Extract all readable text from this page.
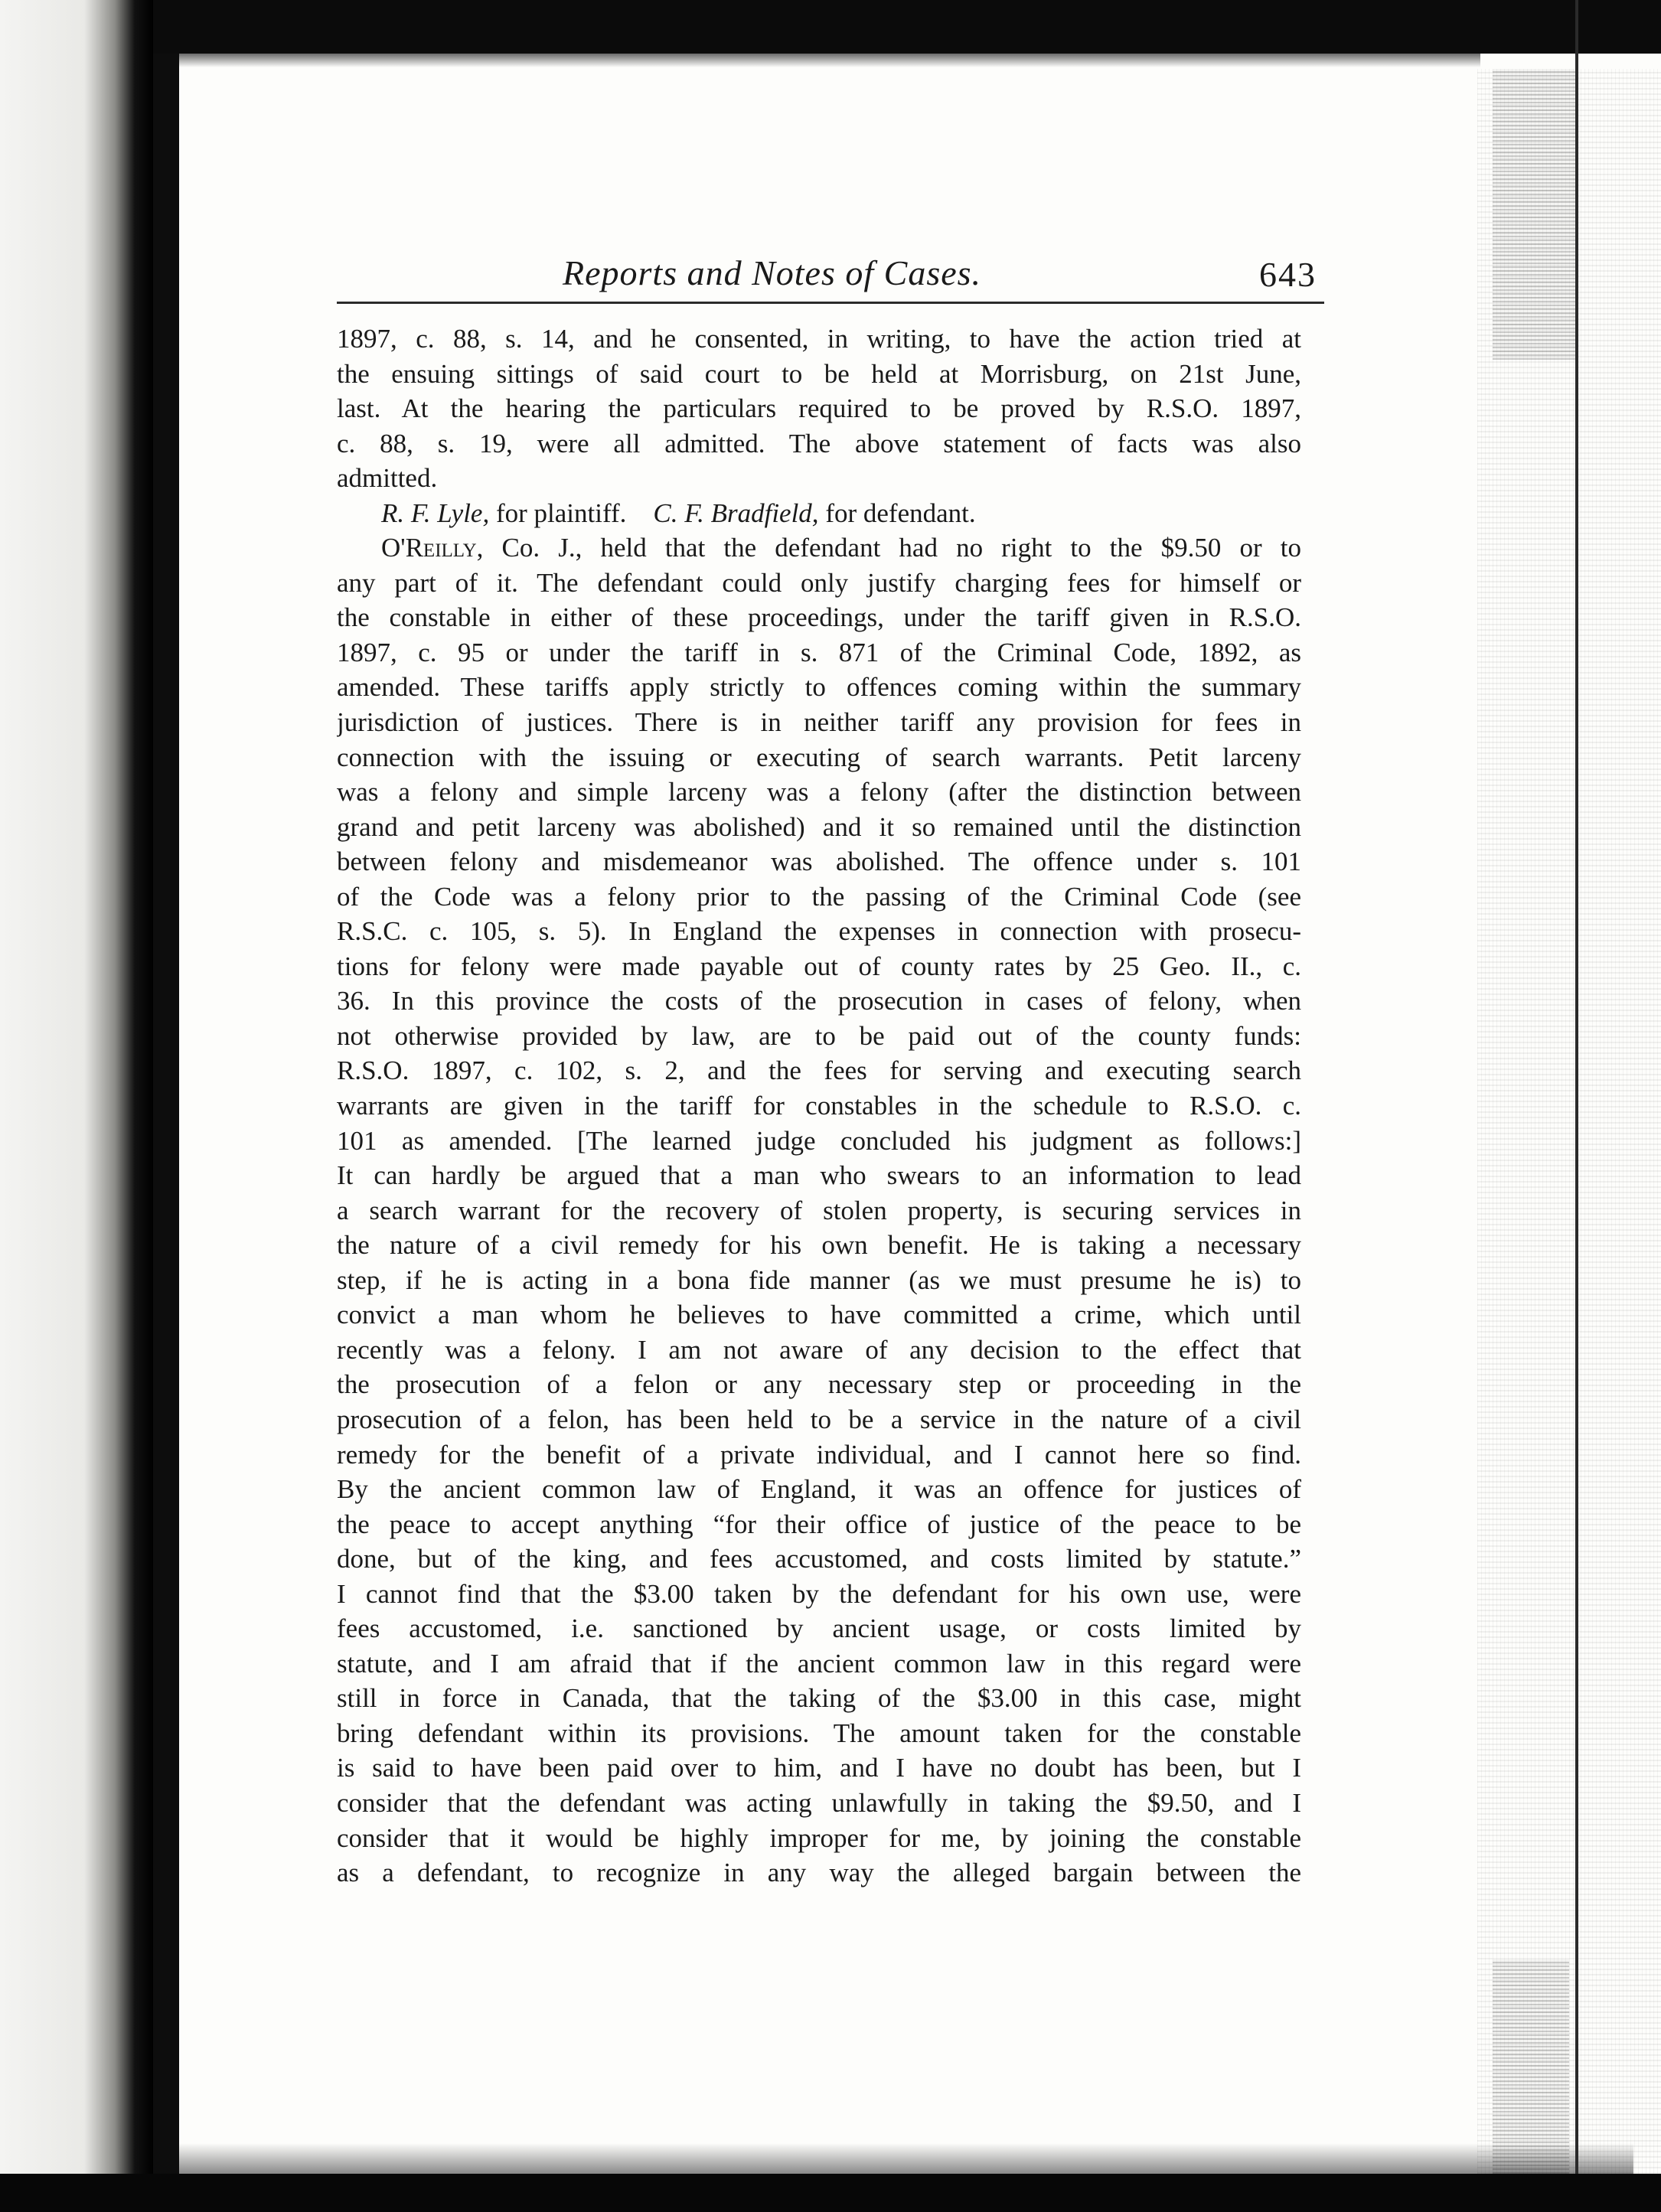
Reports and Notes of Cases.	643
1897, c. 88, s. 14, and he consented, in writing, to have the action tried at
the ensuing sittings of said court to be held at Morrisburg, on 21st June,
last. At the hearing the particulars required to be proved by R.S.O. 1897,
c. 88, s. 19, were all admitted. The above statement of facts was also
admitted.
R. F. Lyle, for plaintiff. C. F. Bradfield, for defendant.
O'Reilly, Co. J., held that the defendant had no right to the $9.50 or to
any part of it. The defendant could only justify charging fees for himself or
the constable in either of these proceedings, under the tariff given in R.S.O.
1897, c. 95 or under the tariff in s. 871 of the Criminal Code, 1892, as
amended. These tariffs apply strictly to offences coming within the summary
jurisdiction of justices. There is in neither tariff any provision for fees in
connection with the issuing or executing of search warrants. Petit larceny
was a felony and simple larceny was a felony (after the distinction between
grand and petit larceny was abolished) and it so remained until the distinction
between felony and misdemeanor was abolished. The offence under s. 101
of the Code was a felony prior to the passing of the Criminal Code (see
R.S.C. c. 105, s. 5). In England the expenses in connection with prosecu-
tions for felony were made payable out of county rates by 25 Geo. II., c.
36. In this province the costs of the prosecution in cases of felony, when
not otherwise provided by law, are to be paid out of the county funds:
R.S.O. 1897, c. 102, s. 2, and the fees for serving and executing search
warrants are given in the tariff for constables in the schedule to R.S.O. c.
101 as amended. [The learned judge concluded his judgment as follows:]
It can hardly be argued that a man who swears to an information to lead
a search warrant for the recovery of stolen property, is securing services in
the nature of a civil remedy for his own benefit. He is taking a necessary
step, if he is acting in a bona fide manner (as we must presume he is) to
convict a man whom he believes to have committed a crime, which until
recently was a felony. I am not aware of any decision to the effect that
the prosecution of a felon or any necessary step or proceeding in the
prosecution of a felon, has been held to be a service in the nature of a civil
remedy for the benefit of a private individual, and I cannot here so find.
By the ancient common law of England, it was an offence for justices of
the peace to accept anything “for their office of justice of the peace to be
done, but of the king, and fees accustomed, and costs limited by statute.”
I cannot find that the $3.00 taken by the defendant for his own use, were
fees accustomed, i.e. sanctioned by ancient usage, or costs limited by
statute, and I am afraid that if the ancient common law in this regard were
still in force in Canada, that the taking of the $3.00 in this case, might
bring defendant within its provisions. The amount taken for the constable
is said to have been paid over to him, and I have no doubt has been, but I
consider that the defendant was acting unlawfully in taking the $9.50, and I
consider that it would be highly improper for me, by joining the constable
as a defendant, to recognize in any way the alleged bargain between the
